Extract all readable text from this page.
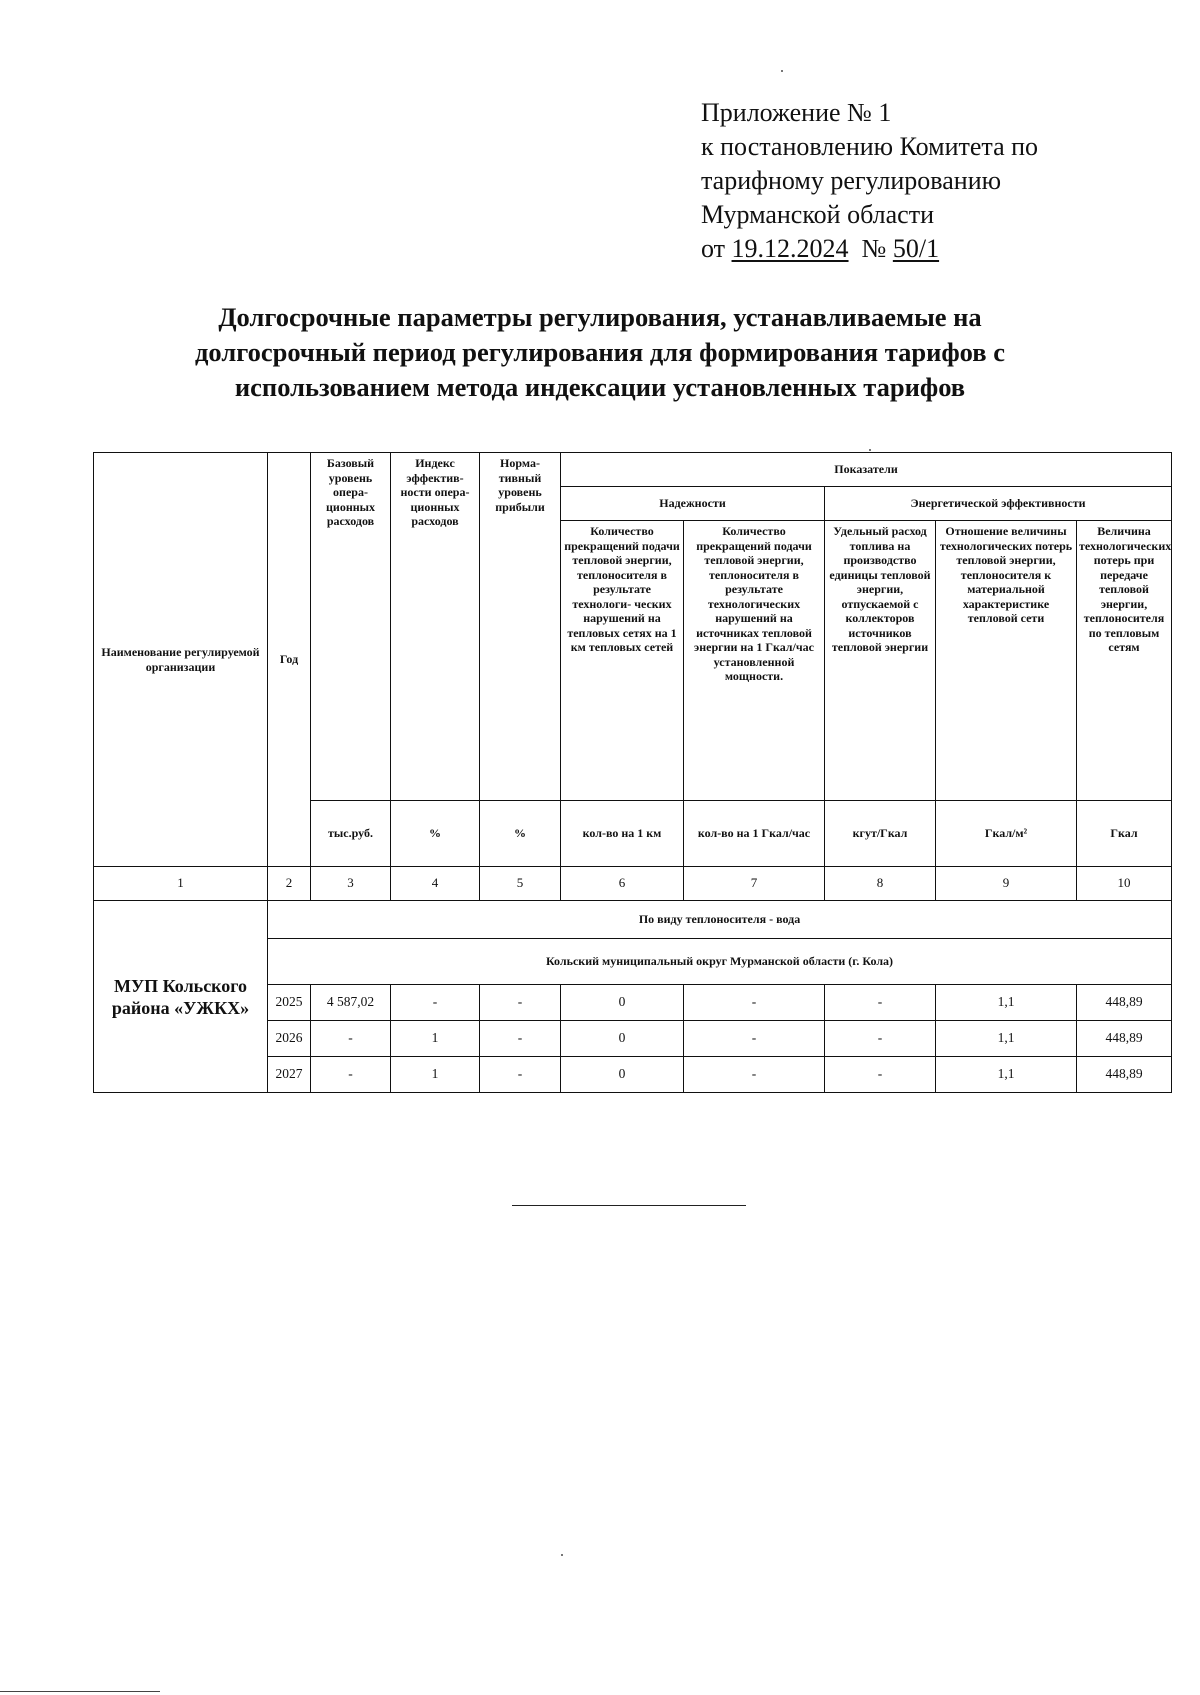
Приложение № 1
к постановлению Комитета по
тарифному регулированию
Мурманской области
от 19.12.2024 № 50/1
Долгосрочные параметры регулирования, устанавливаемые на
долгосрочный период регулирования для формирования тарифов с
использованием метода индексации установленных тарифов
Наименование регулируемой организации	Год	Базовый уровень опера- ционных расходов	Индекс эффектив- ности опера- ционных расходов	Норма- тивный уровень прибыли	Показатели				
					Надежности		Энергетической эффективности		
					Количество прекращений подачи тепловой энергии, теплоносителя в результате технологи- ческих нарушений на тепловых сетях на 1 км тепловых сетей	Количество прекращений подачи тепловой энергии, теплоносителя в результате технологических нарушений на источниках тепловой энергии на 1 Гкал/час установленной мощности.	Удельный расход топлива на производство единицы тепловой энергии, отпускаемой с коллекторов источников тепловой энергии	Отношение величины технологических потерь тепловой энергии, теплоносителя к материальной характеристике тепловой сети	Величина технологических потерь при передаче тепловой энергии, теплоносителя по тепловым сетям
		тыс.руб.	%	%	кол-во на 1 км	кол-во на 1 Гкал/час	кгут/Гкал	Гкал/м²	Гкал
1	2	3	4	5	6	7	8	9	10
МУП Кольского района «УЖКХ»	По виду теплоносителя - вода								
	Кольский муниципальный округ Мурманской области (г. Кола)								
	2025	4 587,02	-	-	0	-	-	1,1	448,89
	2026	-	1	-	0	-	-	1,1	448,89
	2027	-	1	-	0	-	-	1,1	448,89
